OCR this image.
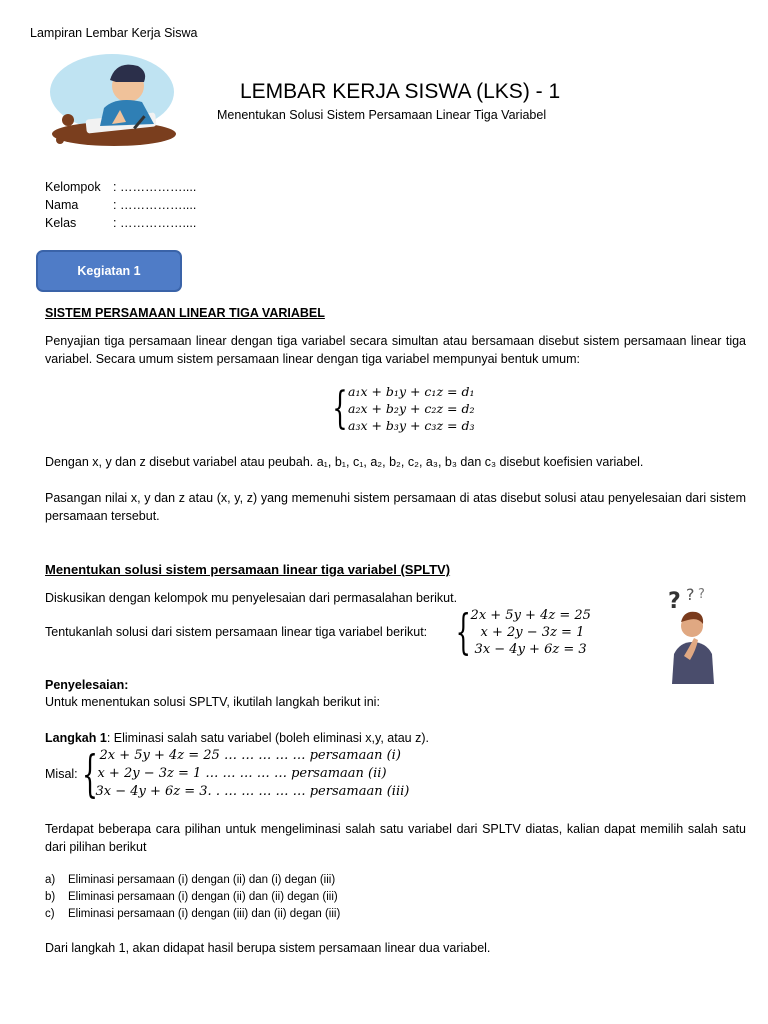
Lampiran Lembar Kerja Siswa
LEMBAR KERJA SISWA (LKS) - 1
Menentukan Solusi Sistem Persamaan Linear Tiga Variabel
Kelompok : ……………....
Nama	: ……………....
Kelas	: ……………....
Kegiatan 1
SISTEM PERSAMAAN LINEAR TIGA VARIABEL
Penyajian tiga persamaan linear dengan tiga variabel secara simultan atau bersamaan disebut sistem persamaan linear tiga variabel. Secara umum sistem persamaan linear dengan tiga variabel mempunyai bentuk umum:
{ a₁x + b₁y + c₁z = d₁
a₂x + b₂y + c₂z = d₂
a₃x + b₃y + c₃z = d₃
Dengan x, y dan z disebut variabel atau peubah. a₁, b₁, c₁, a₂, b₂, c₂, a₃, b₃ dan c₃ disebut koefisien variabel.
Pasangan nilai x, y dan z atau (x, y, z) yang memenuhi sistem persamaan di atas disebut solusi atau penyelesaian dari sistem persamaan tersebut.
Menentukan solusi sistem persamaan linear tiga variabel (SPLTV)
Diskusikan dengan kelompok mu penyelesaian dari permasalahan berikut.
Tentukanlah solusi dari sistem persamaan linear tiga variabel berikut: { 2x + 5y + 4z = 25
x + 2y − 3z = 1
3x − 4y + 6z = 3
? ? ?
Penyelesaian:
Untuk menentukan solusi SPLTV, ikutilah langkah berikut ini:
Langkah 1: Eliminasi salah satu variabel (boleh eliminasi x,y, atau z).
Misal: { 2x + 5y + 4z = 25 … … … … … persamaan (i)
x + 2y − 3z = 1 … … … … … persamaan (ii)
3x − 4y + 6z = 3. . … … … … … persamaan (iii)
Terdapat beberapa cara pilihan untuk mengeliminasi salah satu variabel dari SPLTV diatas, kalian dapat memilih salah satu dari pilihan berikut
a) Eliminasi persamaan (i) dengan (ii) dan (i) degan (iii)
b) Eliminasi persamaan (i) dengan (ii) dan (ii) degan (iii)
c) Eliminasi persamaan (i) dengan (iii) dan (ii) degan (iii)
Dari langkah 1, akan didapat hasil berupa sistem persamaan linear dua variabel.
